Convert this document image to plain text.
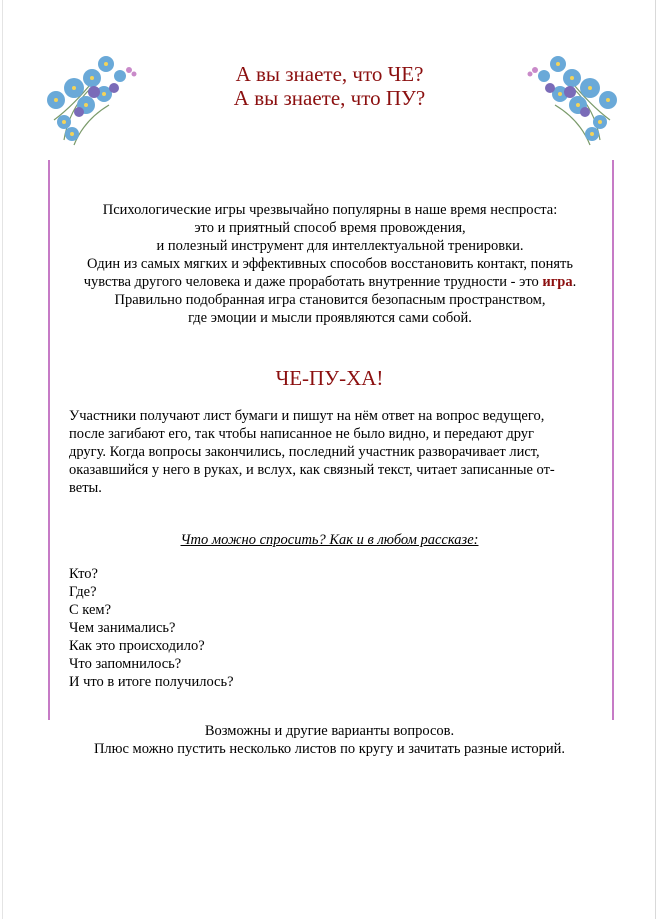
А вы знаете, что ЧЕ?
А вы знаете, что ПУ?
Психологические игры чрезвычайно популярны в наше время неспроста:
это и приятный способ время провождения,
и полезный инструмент для интеллектуальной тренировки.
Один из самых мягких и эффективных способов восстановить контакт, понять
чувства другого человека и даже проработать внутренние трудности - это игра.
Правильно подобранная игра становится безопасным пространством,
где эмоции и мысли проявляются сами собой.
ЧЕ-ПУ-ХА!
Участники получают лист бумаги и пишут на нём ответ на вопрос ведущего,
после загибают его, так чтобы написанное не было видно, и передают друг
другу. Когда вопросы закончились, последний участник разворачивает лист,
оказавшийся у него в руках, и вслух, как связный текст, читает записанные от-
веты.
Что можно спросить? Как и в любом рассказе:
Кто?
Где?
С кем?
Чем занимались?
Как это происходило?
Что запомнилось?
И что в итоге получилось?
Возможны и другие варианты вопросов.
Плюс можно пустить несколько листов по кругу и зачитать разные историй.
